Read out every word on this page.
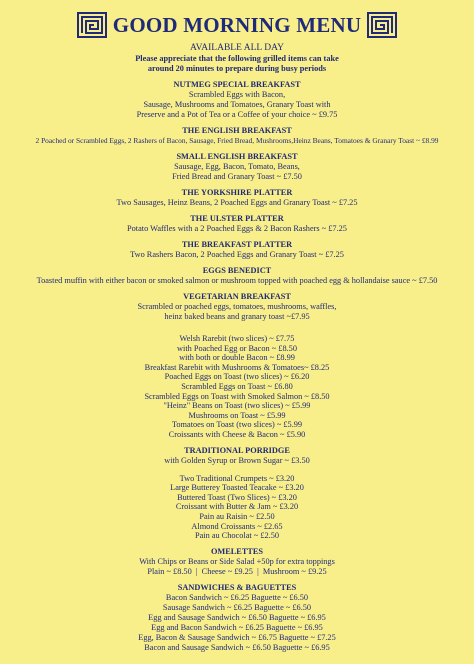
GOOD MORNING MENU
AVAILABLE ALL DAY
Please appreciate that the following grilled items can take
around 20 minutes to prepare during busy periods
NUTMEG SPECIAL BREAKFAST
Scrambled Eggs with Bacon,
Sausage, Mushrooms and Tomatoes, Granary Toast with
Preserve and a Pot of Tea or a Coffee of your choice ~ £9.75
THE ENGLISH BREAKFAST
2 Poached or Scrambled Eggs, 2 Rashers of Bacon, Sausage, Fried Bread, Mushrooms,Heinz Beans, Tomatoes & Granary Toast ~ £8.99
SMALL ENGLISH BREAKFAST
Sausage, Egg, Bacon, Tomato, Beans,
Fried Bread and Granary Toast ~ £7.50
THE YORKSHIRE PLATTER
Two Sausages, Heinz Beans, 2 Poached Eggs and Granary Toast ~ £7.25
THE ULSTER PLATTER
Potato Waffles with a 2 Poached Eggs & 2 Bacon Rashers ~ £7.25
THE BREAKFAST PLATTER
Two Rashers Bacon, 2 Poached Eggs and Granary Toast ~ £7.25
EGGS BENEDICT
Toasted muffin with either bacon or smoked salmon or mushroom topped with poached egg & hollandaise sauce ~ £7.50
VEGETARIAN BREAKFAST
Scrambled or poached eggs, tomatoes, mushrooms, waffles,
heinz baked beans and granary toast ~£7.95
Welsh Rarebit (two slices) ~ £7.75
with Poached Egg or Bacon ~ £8.50
with both or double Bacon ~ £8.99
Breakfast Rarebit with Mushrooms & Tomatoes~ £8.25
Poached Eggs on Toast (two slices) ~ £6.20
Scrambled Eggs on Toast ~ £6.80
Scrambled Eggs on Toast with Smoked Salmon ~ £8.50
"Heinz" Beans on Toast (two slices) ~ £5.99
Mushrooms on Toast ~ £5.99
Tomatoes on Toast (two slices) ~ £5.99
Croissants with Cheese & Bacon ~ £5.90
TRADITIONAL PORRIDGE
with Golden Syrup or Brown Sugar ~ £3.50
Two Traditional Crumpets ~ £3.20
Large Butterey Toasted Teacake ~ £3.20
Buttered Toast (Two Slices) ~ £3.20
Croissant with Butter & Jam ~ £3.20
Pain au Raisin ~ £2.50
Almond Croissants ~ £2.65
Pain au Chocolat ~ £2.50
OMELETTES
With Chips or Beans or Side Salad +50p for extra toppings
Plain ~ £8.50  |  Cheese ~ £9.25  |  Mushroom ~ £9.25
SANDWICHES & BAGUETTES
Bacon Sandwich ~ £6.25 Baguette ~ £6.50
Sausage Sandwich ~ £6.25 Baguette ~ £6.50
Egg and Sausage Sandwich ~ £6.50 Baguette ~ £6.95
Egg and Bacon Sandwich ~ £6.25 Baguette ~ £6.95
Egg, Bacon & Sausage Sandwich ~ £6.75 Baguette ~ £7.25
Bacon and Sausage Sandwich ~ £6.50 Baguette ~ £6.95
